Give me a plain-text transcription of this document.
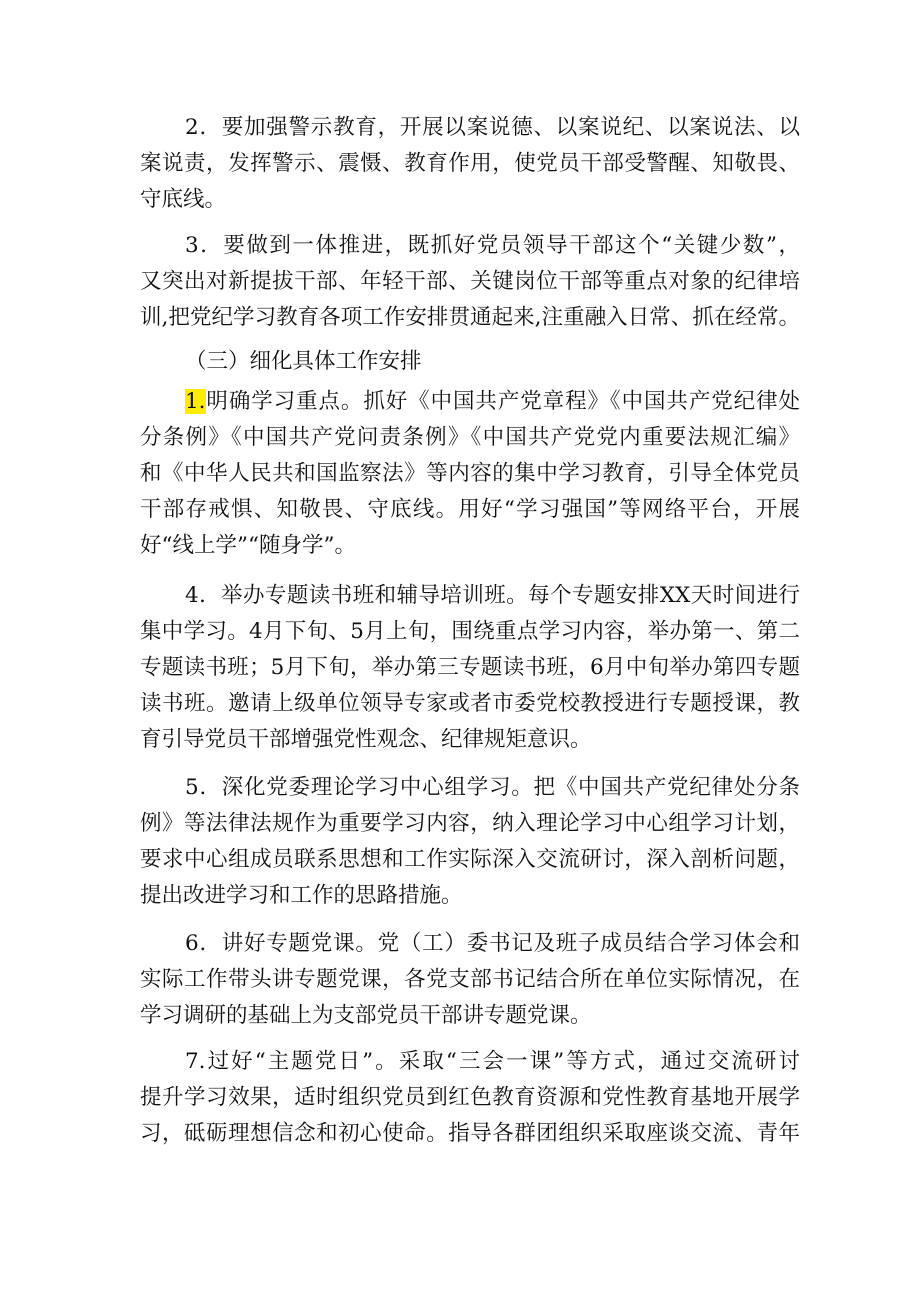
2．要加强警示教育，开展以案说德、以案说纪、以案说法、以
案说责，发挥警示、震慑、教育作用，使党员干部受警醒、知敬畏、
守底线。
3．要做到一体推进，既抓好党员领导干部这个“关键少数”，
又突出对新提拔干部、年轻干部、关键岗位干部等重点对象的纪律培
训,把党纪学习教育各项工作安排贯通起来,注重融入日常、抓在经常。
（三）细化具体工作安排
1.明确学习重点。抓好《中国共产党章程》《中国共产党纪律处
分条例》《中国共产党问责条例》《中国共产党党内重要法规汇编》
和《中华人民共和国监察法》等内容的集中学习教育，引导全体党员
干部存戒惧、知敬畏、守底线。用好“学习强国”等网络平台，开展
好“线上学”“随身学”。
4．举办专题读书班和辅导培训班。每个专题安排XX天时间进行
集中学习。4月下旬、5月上旬，围绕重点学习内容，举办第一、第二
专题读书班；5月下旬，举办第三专题读书班，6月中旬举办第四专题
读书班。邀请上级单位领导专家或者市委党校教授进行专题授课，教
育引导党员干部增强党性观念、纪律规矩意识。
5．深化党委理论学习中心组学习。把《中国共产党纪律处分条
例》等法律法规作为重要学习内容，纳入理论学习中心组学习计划，
要求中心组成员联系思想和工作实际深入交流研讨，深入剖析问题，
提出改进学习和工作的思路措施。
6．讲好专题党课。党（工）委书记及班子成员结合学习体会和
实际工作带头讲专题党课，各党支部书记结合所在单位实际情况，在
学习调研的基础上为支部党员干部讲专题党课。
7.过好“主题党日”。采取“三会一课”等方式，通过交流研讨
提升学习效果，适时组织党员到红色教育资源和党性教育基地开展学
习，砥砺理想信念和初心使命。指导各群团组织采取座谈交流、青年
